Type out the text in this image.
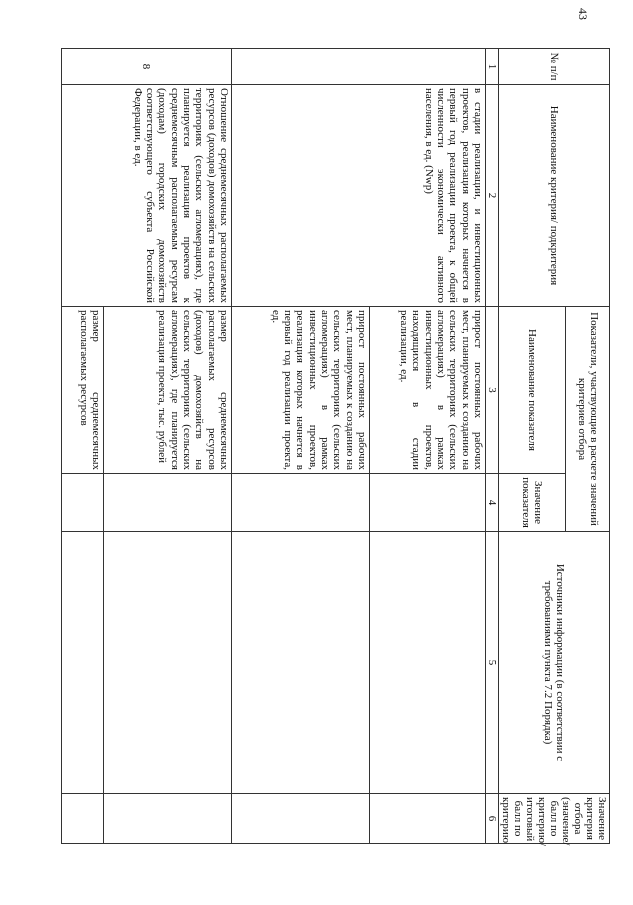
43
№ п/п	Наименование критерия/ подкритерия	Показатели, участвующие в расчете значений критериев отбора		Источники информации (в соответствии с требованиями пункта 7.2 Порядка)	Значение критерия отбора (значение/ балл по критерию/ итоговый балл по критерию
		Наименование показателя	Значение показателя		
1	2	3	4	5	6
	в стадии реализации, и инвестиционных проектов, реализация которых начнется в первый год реализации проекта, к общей численности экономически активного населения, в ед. (Nwp)	прирост постоянных рабочих мест, планируемых к созданию на сельских территориях (сельских агломерациях) в рамках инвестиционных проектов, находящихся в стадии реализации, ед.			
		прирост постоянных рабочих мест, планируемых к созданию на сельских территориях (сельских агломерациях) в рамках инвестиционных проектов, реализация которых начнется в первый год реализации проекта, ед.			
8	Отношение среднемесячных располагаемых ресурсов (доходов) домохозяйств на сельских территориях (сельских агломерациях), где планируется реализация проектов к среднемесячным располагаемым ресурсам (доходам) городских домохозяйств соответствующего субъекта Российской Федерации, в ед.	размер среднемесячных располагаемых ресурсов (доходов) домохозяйств на сельских территориях (сельских агломерациях), где планируется реализация проекта, тыс. рублей			
		размер среднемесячных располагаемых ресурсов			
